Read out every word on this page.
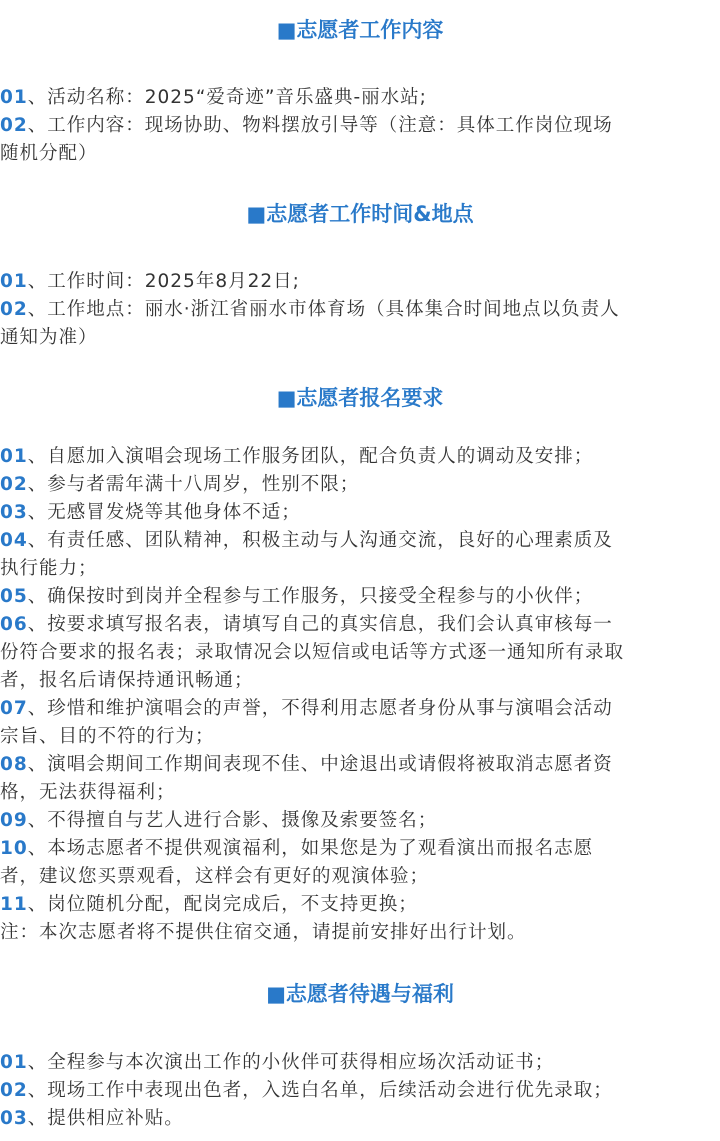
■志愿者工作内容
01、活动名称：2025“爱奇迹”音乐盛典-丽水站;
02、工作内容：现场协助、物料摆放引导等（注意：具体工作岗位现场
随机分配）
■志愿者工作时间&地点
01、工作时间：2025年8月22日;
02、工作地点：丽水·浙江省丽水市体育场（具体集合时间地点以负责人
通知为准）
■志愿者报名要求
01、自愿加入演唱会现场工作服务团队，配合负责人的调动及安排；
02、参与者需年满十八周岁，性别不限；
03、无感冒发烧等其他身体不适；
04、有责任感、团队精神，积极主动与人沟通交流，良好的心理素质及
执行能力；
05、确保按时到岗并全程参与工作服务，只接受全程参与的小伙伴；
06、按要求填写报名表，请填写自己的真实信息，我们会认真审核每一
份符合要求的报名表；录取情况会以短信或电话等方式逐一通知所有录取
者，报名后请保持通讯畅通；
07、珍惜和维护演唱会的声誉，不得利用志愿者身份从事与演唱会活动
宗旨、目的不符的行为；
08、演唱会期间工作期间表现不佳、中途退出或请假将被取消志愿者资
格，无法获得福利；
09、不得擅自与艺人进行合影、摄像及索要签名；
10、本场志愿者不提供观演福利，如果您是为了观看演出而报名志愿
者，建议您买票观看，这样会有更好的观演体验；
11、岗位随机分配，配岗完成后，不支持更换；
注：本次志愿者将不提供住宿交通，请提前安排好出行计划。
■志愿者待遇与福利
01、全程参与本次演出工作的小伙伴可获得相应场次活动证书；
02、现场工作中表现出色者，入选白名单，后续活动会进行优先录取；
03、提供相应补贴。
